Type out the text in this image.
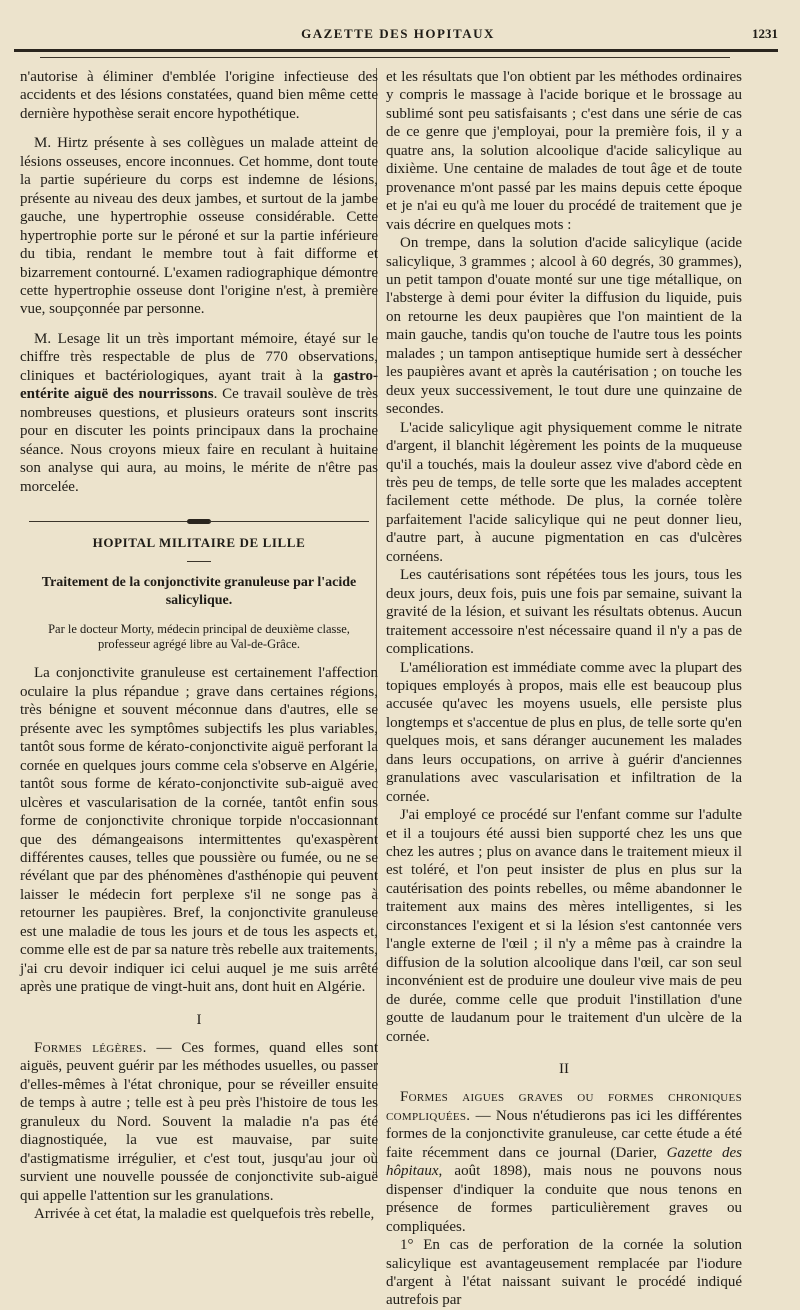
GAZETTE DES HOPITAUX	1231

n'autorise à éliminer d'emblée l'origine infectieuse des accidents et des lésions constatées, quand bien même cette dernière hypothèse serait encore hypothétique.

M. Hirtz présente à ses collègues un malade atteint de lésions osseuses, encore inconnues. Cet homme, dont toute la partie supérieure du corps est indemne de lésions, présente au niveau des deux jambes, et surtout de la jambe gauche, une hypertrophie osseuse considérable. Cette hypertrophie porte sur le péroné et sur la partie inférieure du tibia, rendant le membre tout à fait difforme et bizarrement contourné. L'examen radiographique démontre cette hypertrophie osseuse dont l'origine n'est, à première vue, soupçonnée par personne.

M. Lesage lit un très important mémoire, étayé sur le chiffre très respectable de plus de 770 observations, cliniques et bactériologiques, ayant trait à la gastro-entérite aiguë des nourrissons. Ce travail soulève de très nombreuses questions, et plusieurs orateurs sont inscrits pour en discuter les points principaux dans la prochaine séance. Nous croyons mieux faire en reculant à huitaine son analyse qui aura, au moins, le mérite de n'être pas morcelée.

HOPITAL MILITAIRE DE LILLE
Traitement de la conjonctivite granuleuse par l'acide salicylique.
Par le docteur Morty, médecin principal de deuxième classe, professeur agrégé libre au Val-de-Grâce.

La conjonctivite granuleuse est certainement l'affection oculaire la plus répandue ; grave dans certaines régions, très bénigne et souvent méconnue dans d'autres, elle se présente avec les symptômes subjectifs les plus variables, tantôt sous forme de kérato-conjonctivite aiguë perforant la cornée en quelques jours comme cela s'observe en Algérie, tantôt sous forme de kérato-conjonctivite sub-aiguë avec ulcères et vascularisation de la cornée, tantôt enfin sous forme de conjonctivite chronique torpide n'occasionnant que des démangeaisons intermittentes qu'exaspèrent différentes causes, telles que poussière ou fumée, ou ne se révélant que par des phénomènes d'asthénopie qui peuvent laisser le médecin fort perplexe s'il ne songe pas à retourner les paupières. Bref, la conjonctivite granuleuse est une maladie de tous les jours et de tous les aspects et, comme elle est de par sa nature très rebelle aux traitements, j'ai cru devoir indiquer ici celui auquel je me suis arrêté après une pratique de vingt-huit ans, dont huit en Algérie.

I

Formes légères. — Ces formes, quand elles sont aiguës, peuvent guérir par les méthodes usuelles, ou passer d'elles-mêmes à l'état chronique, pour se réveiller ensuite de temps à autre ; telle est à peu près l'histoire de tous les granuleux du Nord. Souvent la maladie n'a pas été diagnostiquée, la vue est mauvaise, par suite d'astigmatisme irrégulier, et c'est tout, jusqu'au jour où survient une nouvelle poussée de conjonctivite sub-aiguë qui appelle l'attention sur les granulations.

Arrivée à cet état, la maladie est quelquefois très rebelle,

et les résultats que l'on obtient par les méthodes ordinaires y compris le massage à l'acide borique et le brossage au sublimé sont peu satisfaisants ; c'est dans une série de cas de ce genre que j'employai, pour la première fois, il y a quatre ans, la solution alcoolique d'acide salicylique au dixième. Une centaine de malades de tout âge et de toute provenance m'ont passé par les mains depuis cette époque et je n'ai eu qu'à me louer du procédé de traitement que je vais décrire en quelques mots :

On trempe, dans la solution d'acide salicylique (acide salicylique, 3 grammes ; alcool à 60 degrés, 30 grammes), un petit tampon d'ouate monté sur une tige métallique, on l'absterge à demi pour éviter la diffusion du liquide, puis on retourne les deux paupières que l'on maintient de la main gauche, tandis qu'on touche de l'autre tous les points malades ; un tampon antiseptique humide sert à dessécher les paupières avant et après la cautérisation ; on touche les deux yeux successivement, le tout dure une quinzaine de secondes.

L'acide salicylique agit physiquement comme le nitrate d'argent, il blanchit légèrement les points de la muqueuse qu'il a touchés, mais la douleur assez vive d'abord cède en très peu de temps, de telle sorte que les malades acceptent facilement cette méthode. De plus, la cornée tolère parfaitement l'acide salicylique qui ne peut donner lieu, d'autre part, à aucune pigmentation en cas d'ulcères cornéens.

Les cautérisations sont répétées tous les jours, tous les deux jours, deux fois, puis une fois par semaine, suivant la gravité de la lésion, et suivant les résultats obtenus. Aucun traitement accessoire n'est nécessaire quand il n'y a pas de complications.

L'amélioration est immédiate comme avec la plupart des topiques employés à propos, mais elle est beaucoup plus accusée qu'avec les moyens usuels, elle persiste plus longtemps et s'accentue de plus en plus, de telle sorte qu'en quelques mois, et sans déranger aucunement les malades dans leurs occupations, on arrive à guérir d'anciennes granulations avec vascularisation et infiltration de la cornée.

J'ai employé ce procédé sur l'enfant comme sur l'adulte et il a toujours été aussi bien supporté chez les uns que chez les autres ; plus on avance dans le traitement mieux il est toléré, et l'on peut insister de plus en plus sur la cautérisation des points rebelles, ou même abandonner le traitement aux mains des mères intelligentes, si les circonstances l'exigent et si la lésion s'est cantonnée vers l'angle externe de l'œil ; il n'y a même pas à craindre la diffusion de la solution alcoolique dans l'œil, car son seul inconvénient est de produire une douleur vive mais de peu de durée, comme celle que produit l'instillation d'une goutte de laudanum pour le traitement d'un ulcère de la cornée.

II

Formes aigues graves ou formes chroniques compliquées. — Nous n'étudierons pas ici les différentes formes de la conjonctivite granuleuse, car cette étude a été faite récemment dans ce journal (Darier, Gazette des hôpitaux, août 1898), mais nous ne pouvons nous dispenser d'indiquer la conduite que nous tenons en présence de formes particulièrement graves ou compliquées.

1° En cas de perforation de la cornée la solution salicylique est avantageusement remplacée par l'iodure d'argent à l'état naissant suivant le procédé indiqué autrefois par
